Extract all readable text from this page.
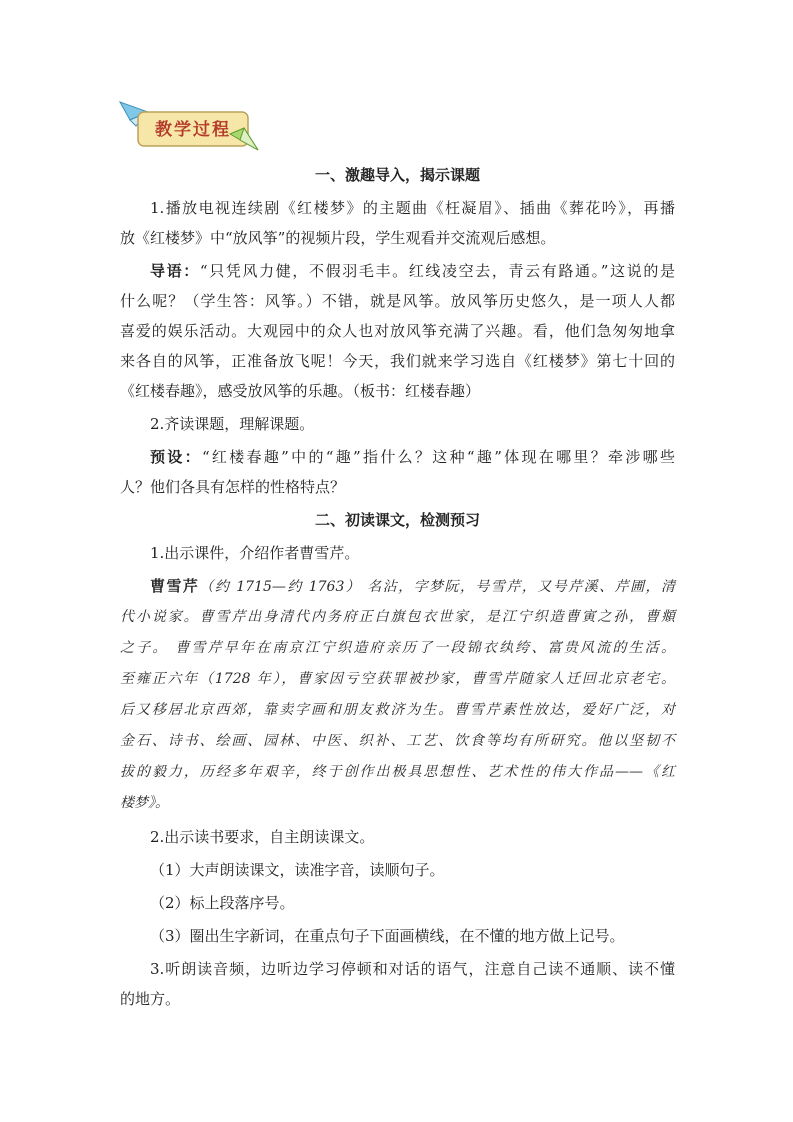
教学过程
一、激趣导入，揭示课题
1.播放电视连续剧《红楼梦》的主题曲《枉凝眉》、插曲《葬花吟》，再播
放《红楼梦》中“放风筝”的视频片段，学生观看并交流观后感想。
导语：“只凭风力健，不假羽毛丰。红线凌空去，青云有路通。”这说的是
什么呢？（学生答：风筝。）不错，就是风筝。放风筝历史悠久，是一项人人都
喜爱的娱乐活动。大观园中的众人也对放风筝充满了兴趣。看，他们急匆匆地拿
来各自的风筝，正准备放飞呢！今天，我们就来学习选自《红楼梦》第七十回的
《红楼春趣》，感受放风筝的乐趣。（板书：红楼春趣）
2.齐读课题，理解课题。
预设：“红楼春趣”中的“趣”指什么？这种“趣”体现在哪里？牵涉哪些
人？他们各具有怎样的性格特点？
二、初读课文，检测预习
1.出示课件，介绍作者曹雪芹。
曹雪芹（约 1715—约 1763） 名沾，字梦阮，号雪芹，又号芹溪、芹圃，清
代小说家。曹雪芹出身清代内务府正白旗包衣世家，是江宁织造曹寅之孙，曹頫
之子。 曹雪芹早年在南京江宁织造府亲历了一段锦衣纨绔、富贵风流的生活。
至雍正六年（1728 年），曹家因亏空获罪被抄家，曹雪芹随家人迁回北京老宅。
后又移居北京西郊，靠卖字画和朋友救济为生。曹雪芹素性放达，爱好广泛，对
金石、诗书、绘画、园林、中医、织补、工艺、饮食等均有所研究。他以坚韧不
拔的毅力，历经多年艰辛，终于创作出极具思想性、艺术性的伟大作品——《红
楼梦》。
2.出示读书要求，自主朗读课文。
（1）大声朗读课文，读准字音，读顺句子。
（2）标上段落序号。
（3）圈出生字新词，在重点句子下面画横线，在不懂的地方做上记号。
3.听朗读音频，边听边学习停顿和对话的语气，注意自己读不通顺、读不懂
的地方。
